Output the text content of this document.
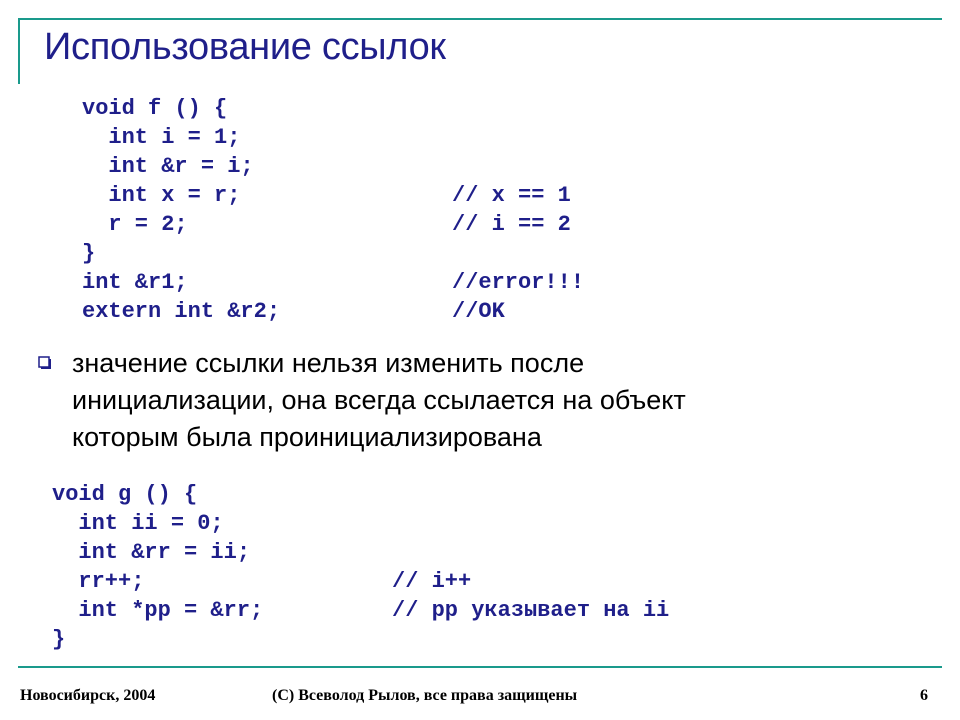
Использование ссылок
void f () {
int i = 1;
int &r = i;
int x = r;	// x == 1
r = 2;	// i == 2
}
int &r1;	//error!!!
extern int &r2;	//OK

значение ссылки нельзя изменить после
инициализации, она всегда ссылается на объект
которым была проинициализирована

void g () {
int ii = 0;
int &rr = ii;
rr++;	// i++
int *pp = &rr;	// pp указывает на ii
}

Новосибирск, 2004	(С) Всеволод Рылов, все права защищены	6
